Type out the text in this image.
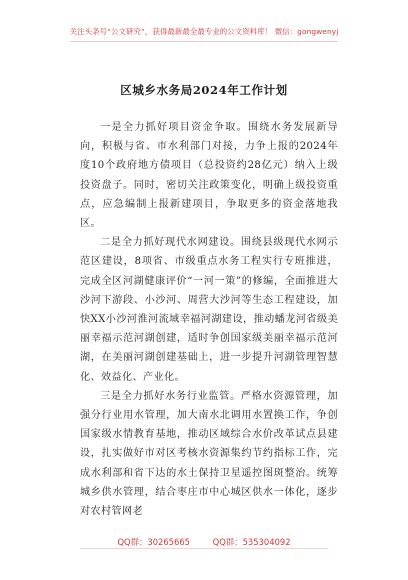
关注头条号“公文研究”，获得最新最全最专业的公文资料库！ 微信：gongwenyj
区城乡水务局2024年工作计划

一是全力抓好项目资金争取。围绕水务发展新导向，积极与省、市水利部门对接，力争上报的2024年度10个政府地方债项目（总投资约28亿元）纳入上级投资盘子。同时，密切关注政策变化，明确上级投资重点，应急编制上报新建项目，争取更多的资金落地我区。

二是全力抓好现代水网建设。围绕县级现代水网示范区建设，8项省、市级重点水务工程实行专班推进，完成全区河湖健康评价“一河一策”的修编，全面推进大沙河下游段、小沙河、周营大沙河等生态工程建设，加快XX小沙河淮河流域幸福河湖建设，推动蟠龙河省级美丽幸福示范河湖创建，适时争创国家级美丽幸福示范河湖，在美丽河湖创建基础上，进一步提升河湖管理智慧化、效益化、产业化。

三是全力抓好水务行业监管。严格水资源管理，加强分行业用水管理，加大南水北调用水置换工作，争创国家级水情教育基地，推动区域综合水价改革试点县建设，扎实做好市对区考核水资源集约节约指标工作，完成水利部和省下达的水土保持卫星遥控图斑整治。统筹城乡供水管理，结合枣庄市中心城区供水一体化，逐步对农村管网老

QQ群：30265665	QQ群：535304092
